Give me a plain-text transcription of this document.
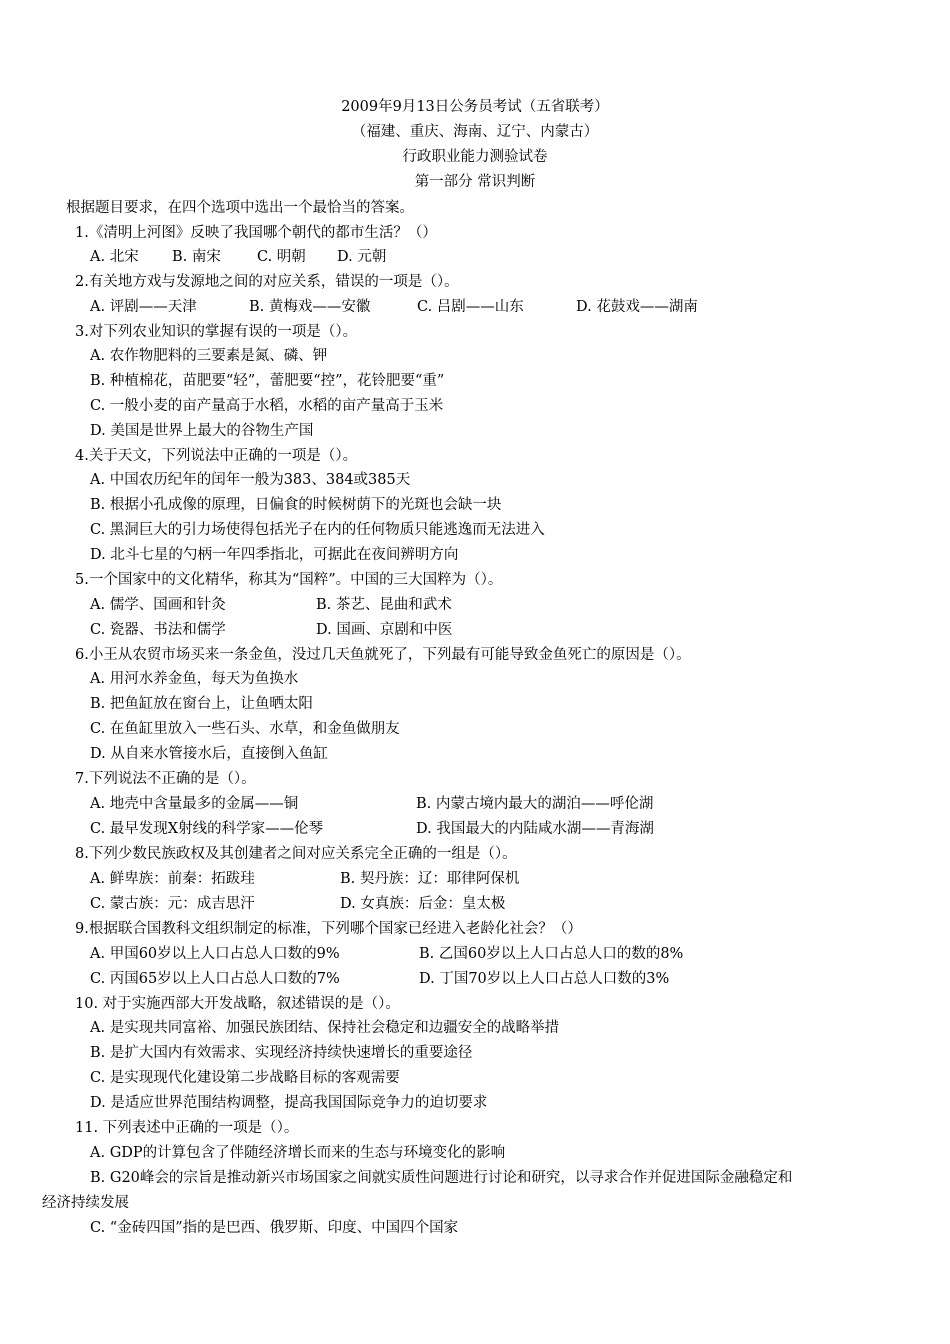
2009年9月13日公务员考试（五省联考）
（福建、重庆、海南、辽宁、内蒙古）
行政职业能力测验试卷
第一部分 常识判断
根据题目要求，在四个选项中选出一个最恰当的答案。
1.《清明上河图》反映了我国哪个朝代的都市生活？（）
A. 北宋 B. 南宋 C. 明朝 D. 元朝
2.有关地方戏与发源地之间的对应关系，错误的一项是（）。
A. 评剧——天津	B. 黄梅戏——安徽	C. 吕剧——山东	D. 花鼓戏——湖南
3.对下列农业知识的掌握有误的一项是（）。
A. 农作物肥料的三要素是氮、磷、钾
B. 种植棉花，苗肥要“轻”，蕾肥要“控”，花铃肥要“重”
C. 一般小麦的亩产量高于水稻，水稻的亩产量高于玉米
D. 美国是世界上最大的谷物生产国
4.关于天文，下列说法中正确的一项是（）。
A. 中国农历纪年的闰年一般为383、384或385天
B. 根据小孔成像的原理，日偏食的时候树荫下的光斑也会缺一块
C. 黑洞巨大的引力场使得包括光子在内的任何物质只能逃逸而无法进入
D. 北斗七星的勺柄一年四季指北，可据此在夜间辨明方向
5.一个国家中的文化精华，称其为“国粹”。中国的三大国粹为（）。
A. 儒学、国画和针灸	B. 茶艺、昆曲和武术
C. 瓷器、书法和儒学	D. 国画、京剧和中医
6.小王从农贸市场买来一条金鱼，没过几天鱼就死了，下列最有可能导致金鱼死亡的原因是（）。
A. 用河水养金鱼，每天为鱼换水
B. 把鱼缸放在窗台上，让鱼晒太阳
C. 在鱼缸里放入一些石头、水草，和金鱼做朋友
D. 从自来水管接水后，直接倒入鱼缸
7.下列说法不正确的是（）。
A. 地壳中含量最多的金属——铜	B. 内蒙古境内最大的湖泊——呼伦湖
C. 最早发现X射线的科学家——伦琴	D. 我国最大的内陆咸水湖——青海湖
8.下列少数民族政权及其创建者之间对应关系完全正确的一组是（）。
A. 鲜卑族：前秦：拓跋珪	B. 契丹族：辽：耶律阿保机
C. 蒙古族：元：成吉思汗	D. 女真族：后金：皇太极
9.根据联合国教科文组织制定的标准，下列哪个国家已经进入老龄化社会？（）
A. 甲国60岁以上人口占总人口数的9%	B. 乙国60岁以上人口占总人口的数的8%
C. 丙国65岁以上人口占总人口数的7%	D. 丁国70岁以上人口占总人口数的3%
10. 对于实施西部大开发战略，叙述错误的是（）。
A. 是实现共同富裕、加强民族团结、保持社会稳定和边疆安全的战略举措
B. 是扩大国内有效需求、实现经济持续快速增长的重要途径
C. 是实现现代化建设第二步战略目标的客观需要
D. 是适应世界范围结构调整，提高我国国际竞争力的迫切要求
11. 下列表述中正确的一项是（）。
A. GDP的计算包含了伴随经济增长而来的生态与环境变化的影响
B. G20峰会的宗旨是推动新兴市场国家之间就实质性问题进行讨论和研究，以寻求合作并促进国际金融稳定和
经济持续发展
C. “金砖四国”指的是巴西、俄罗斯、印度、中国四个国家
